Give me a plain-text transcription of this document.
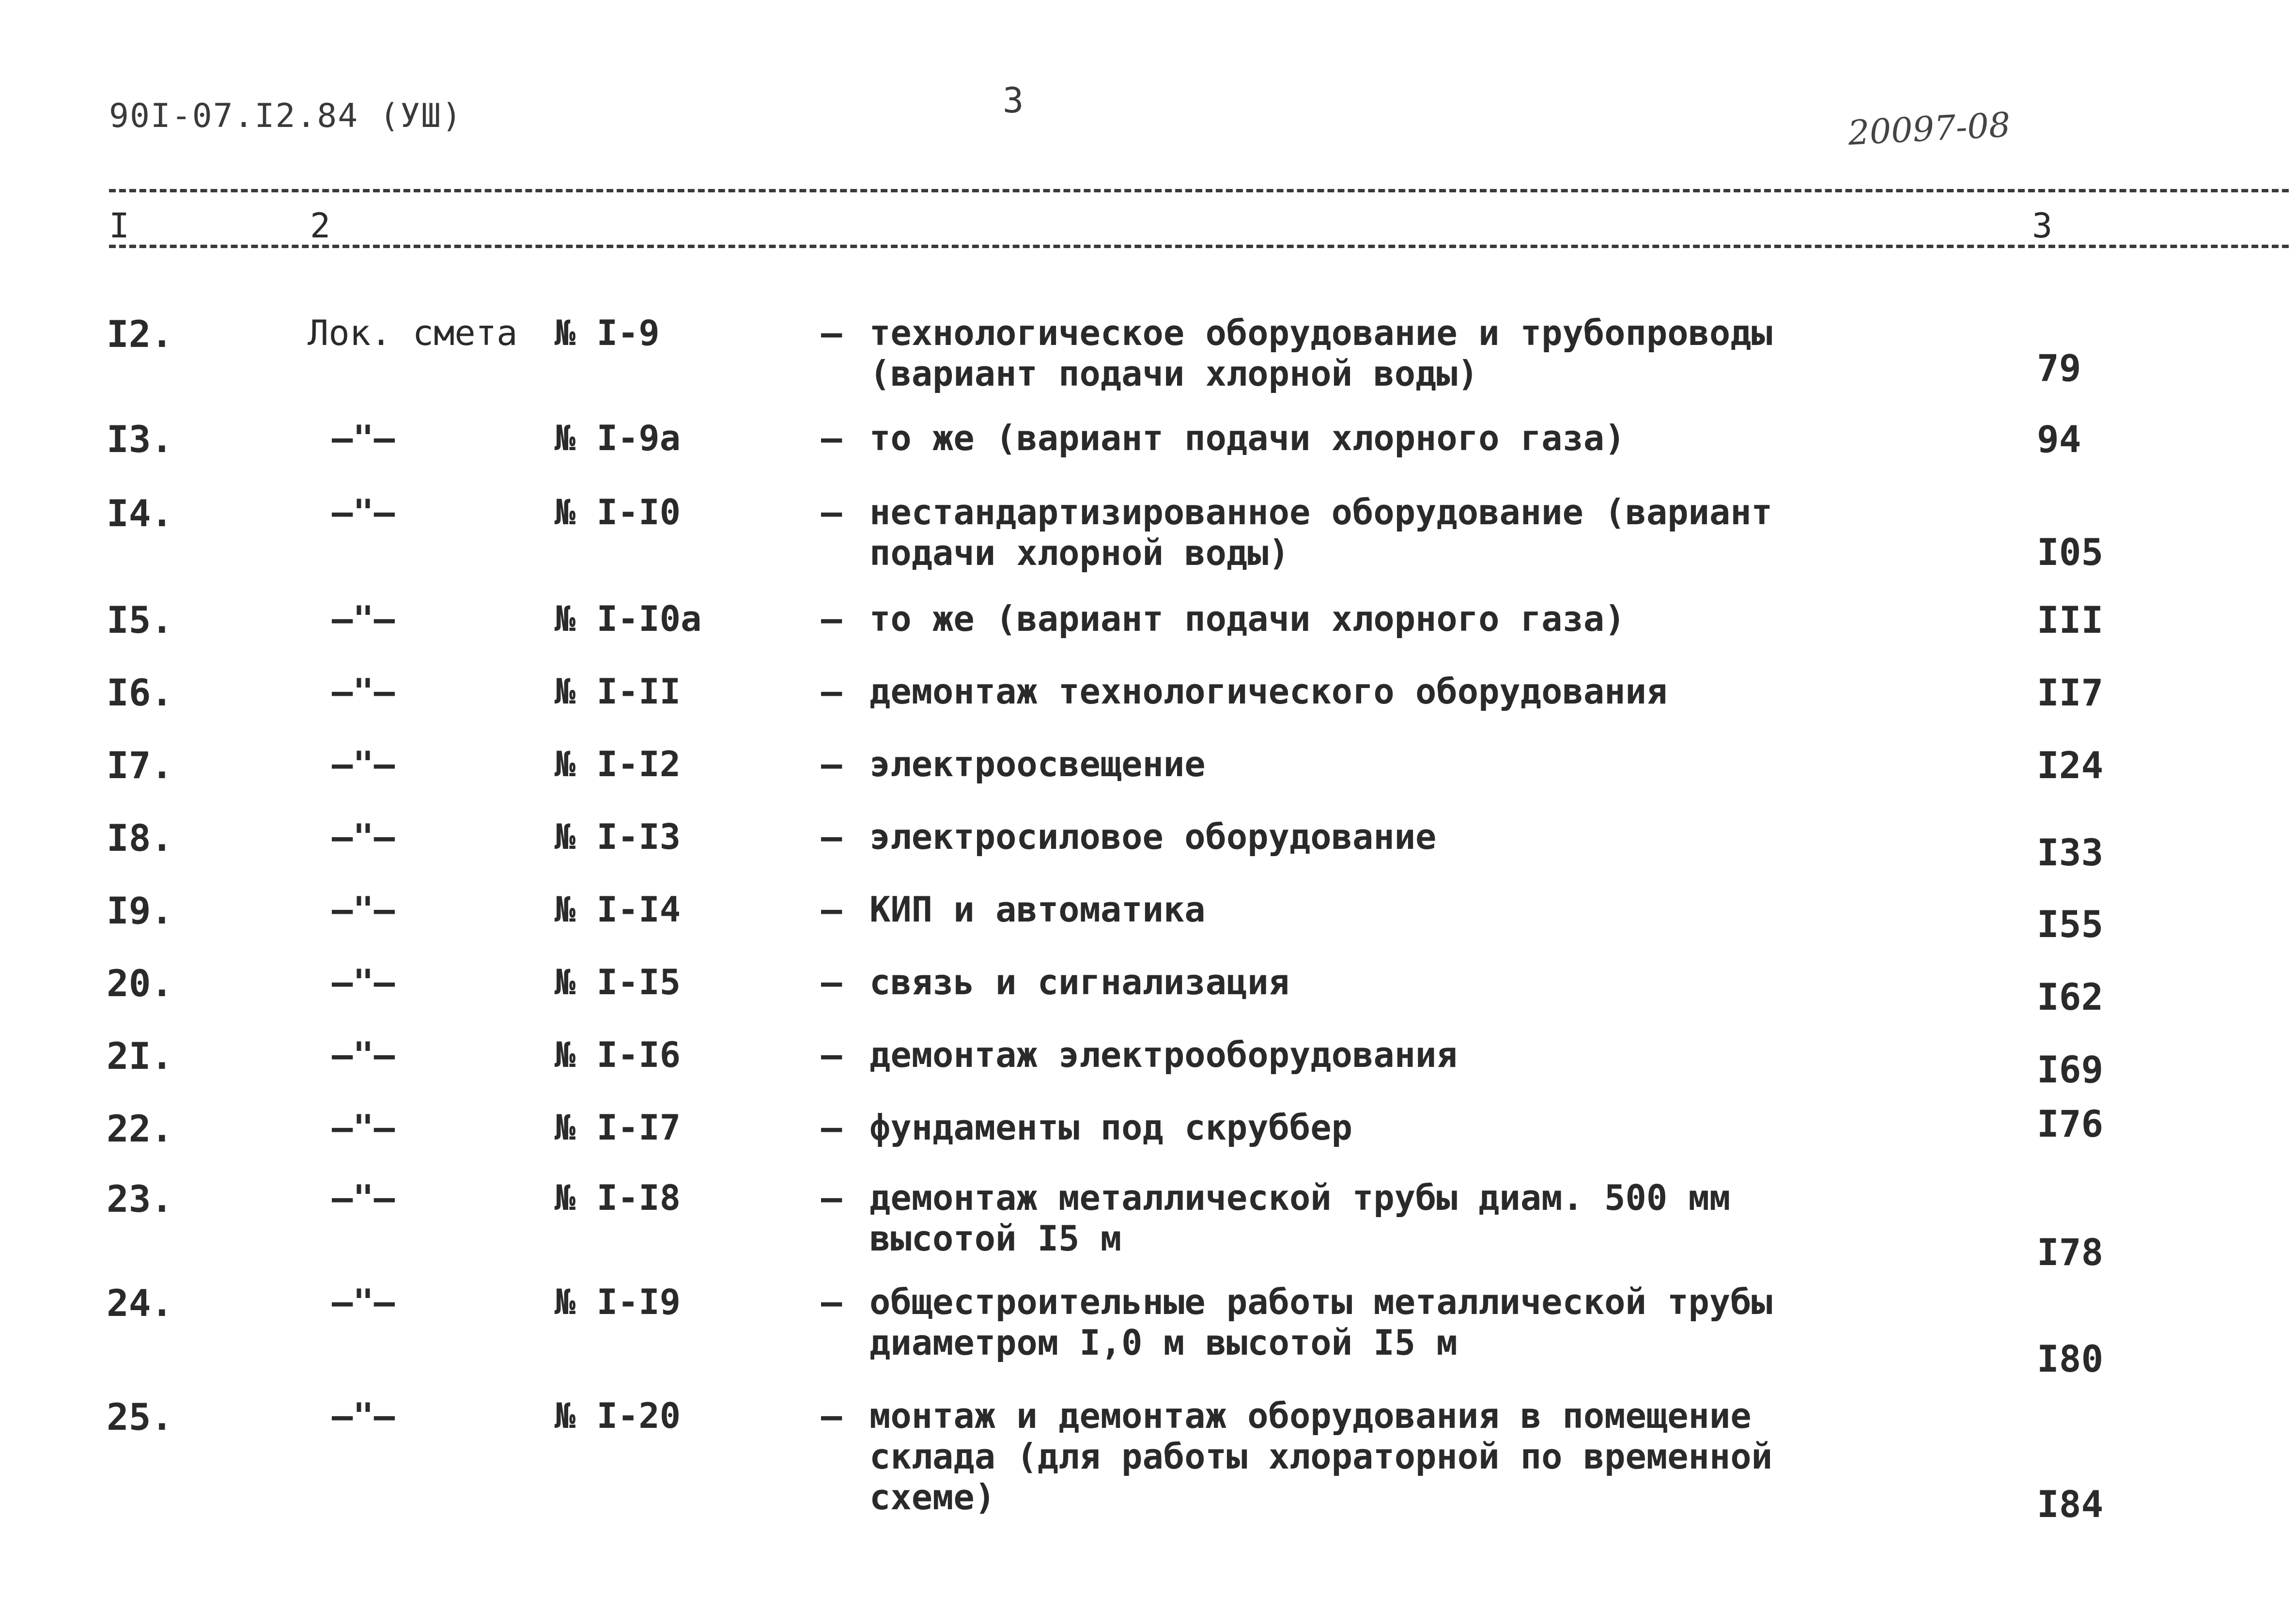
90I-07.I2.84 (УШ)	3
20097-08
I	2	3
I2.	Лок. смета № I-9	– технологическое оборудование и трубопроводы (вариант подачи хлорной воды)	79
I3.	–"–	№ I-9а	– то же (вариант подачи хлорного газа)	94
I4.	–"–	№ I-I0	– нестандартизированное оборудование (вариант подачи хлорной воды)	I05
I5.	–"–	№ I-I0а	– то же (вариант подачи хлорного газа)	III
I6.	–"–	№ I-II	– демонтаж технологического оборудования	II7
I7.	–"–	№ I-I2	– электроосвещение	I24
I8.	–"–	№ I-I3	– электросиловое оборудование	I33
I9.	–"–	№ I-I4	– КИП и автоматика	I55
20.	–"–	№ I-I5	– связь и сигнализация	I62
2I.	–"–	№ I-I6	– демонтаж электрооборудования	I69
22.	–"–	№ I-I7	– фундаменты под скруббер	I76
23.	–"–	№ I-I8	– демонтаж металлической трубы диам. 500 мм высотой I5 м	I78
24.	–"–	№ I-I9	– общестроительные работы металлической трубы диаметром I,0 м высотой I5 м	I80
25.	–"–	№ I-20	– монтаж и демонтаж оборудования в помещение склада (для работы хлораторной по временной схеме)	I84
